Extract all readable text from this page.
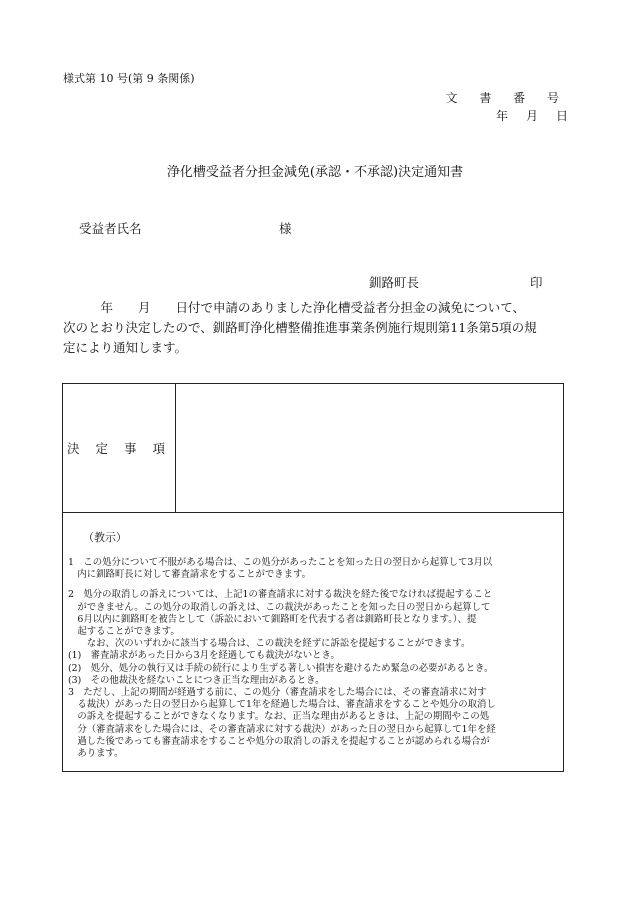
様式第 10 号(第 9 条関係)
文 書 番 号
年 月 日
浄化槽受益者分担金減免(承認・不承認)決定通知書
受益者氏名	様
釧路町長	印
　　　年　　月　　日付で申請のありました浄化槽受益者分担金の減免について、
次のとおり決定したので、釧路町浄化槽整備推進事業条例施行規則第11条第5項の規
定により通知します。
決 定 事 項
（教示）
1　この処分について不服がある場合は、この処分があったことを知った日の翌日から起算して3月以
　内に釧路町長に対して審査請求をすることができます。
2　処分の取消しの訴えについては、上記1の審査請求に対する裁決を経た後でなければ提起すること
　ができません。この処分の取消しの訴えは、この裁決があったことを知った日の翌日から起算して
　6月以内に釧路町を被告として（訴訟において釧路町を代表する者は釧路町長となります。）、提
　起することができます。
　　なお、次のいずれかに該当する場合は、この裁決を経ずに訴訟を提起することができます。
(1)　審査請求があった日から3月を経過しても裁決がないとき。
(2)　処分、処分の執行又は手続の続行により生ずる著しい損害を避けるため緊急の必要があるとき。
(3)　その他裁決を経ないことにつき正当な理由があるとき。
3　ただし、上記の期間が経過する前に、この処分（審査請求をした場合には、その審査請求に対す
　る裁決）があった日の翌日から起算して1年を経過した場合は、審査請求をすることや処分の取消し
　の訴えを提起することができなくなります。なお、正当な理由があるときは、上記の期間やこの処
　分（審査請求をした場合には、その審査請求に対する裁決）があった日の翌日から起算して1年を経
　過した後であっても審査請求をすることや処分の取消しの訴えを提起することが認められる場合が
　あります。
